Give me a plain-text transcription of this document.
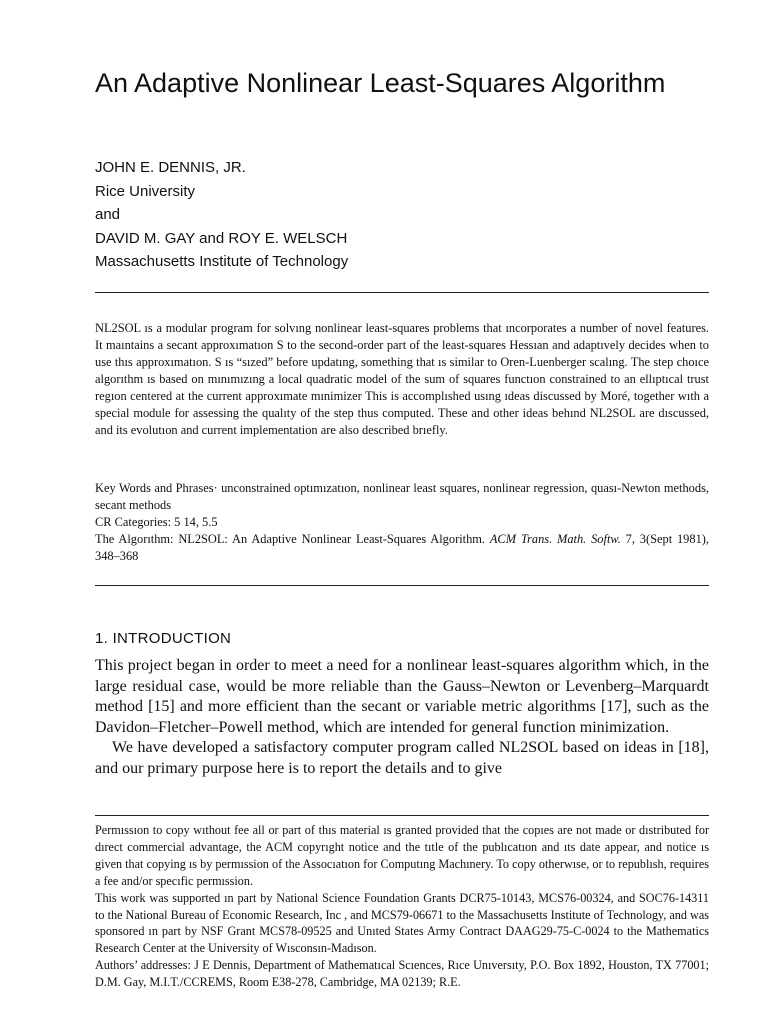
An Adaptive Nonlinear Least-Squares Algorithm
JOHN E. DENNIS, JR.
Rice University
and
DAVID M. GAY and ROY E. WELSCH
Massachusetts Institute of Technology
NL2SOL ıs a modular program for solvıng nonlinear least-squares problems that ıncorporates a number of novel features. It maıntains a secant approxımatıon S to the second-order part of the least-squares Hessıan and adaptıvely decides when to use thıs approxımatıon. S ıs “sızed” before updatıng, something that ıs similar to Oren-Luenberger scalıng. The step choıce algorıthm ıs based on mınımızıng a local quadratic model of the sum of squares functıon constrained to an ellıptıcal trust regıon centered at the current approxımate mınimizer This is accomplıshed usıng ıdeas discussed by Moré, together wıth a special module for assessing the qualıty of the step thus computed. These and other ideas behınd NL2SOL are dıscussed, and its evolutıon and current implementation are also described brıefly.
Key Words and Phrases· unconstrained optımızatıon, nonlinear least squares, nonlinear regression, quası-Newton methods, secant methods
CR Categories: 5 14, 5.5
The Algorıthm: NL2SOL: An Adaptive Nonlinear Least-Squares Algorithm. ACM Trans. Math. Softw. 7, 3(Sept 1981), 348–368
1. INTRODUCTION

This project began in order to meet a need for a nonlinear least-squares algorithm which, in the large residual case, would be more reliable than the Gauss–Newton or Levenberg–Marquardt method [15] and more efficient than the secant or variable metric algorithms [17], such as the Davidon–Fletcher–Powell method, which are intended for general function minimization.

We have developed a satisfactory computer program called NL2SOL based on ideas in [18], and our primary purpose here is to report the details and to give

Permıssıon to copy wıthout fee all or part of thıs material ıs granted provided that the copıes are not made or dıstributed for dırect commercial advantage, the ACM copyrıght notice and the tıtle of the publıcatıon and ıts date appear, and notice ıs given that copying ıs by permıssion of the Assocıatıon for Computıng Machınery. To copy otherwıse, or to republısh, requires a fee and/or specıfic permıssion.

This work was supported ın part by National Science Foundation Grants DCR75-10143, MCS76-00324, and SOC76-14311 to the National Bureau of Economic Research, Inc , and MCS79-06671 to the Massachusetts Institute of Technology, and was sponsored ın part by NSF Grant MCS78-09525 and Unıted States Army Contract DAAG29-75-C-0024 to the Mathematics Research Center at the University of Wısconsın-Madıson.

Authors’ addresses: J E Dennis, Department of Mathematıcal Scıences, Rıce Unıversıty, P.O. Box 1892, Houston, TX 77001; D.M. Gay, M.I.T./CCREMS, Room E38-278, Cambridge, MA 02139; R.E.
